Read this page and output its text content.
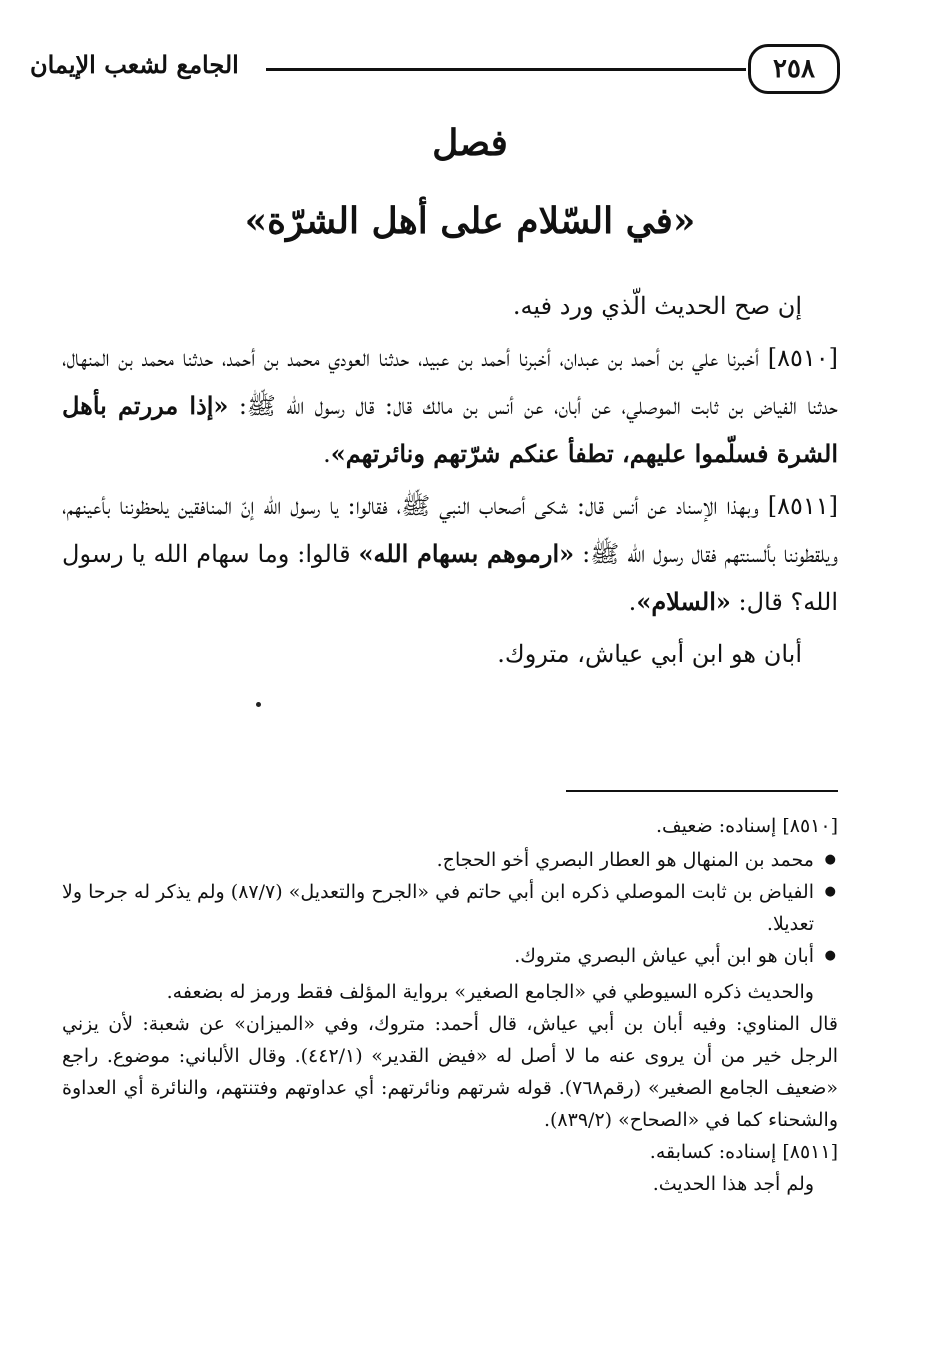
٢٥٨
الجامع لشعب الإيمان
فصل
«في السّلام على أهل الشرّة»

إن صح الحديث الّذي ورد فيه.

[٨٥١٠] أخبرنا علي بن أحمد بن عبدان، أخبرنا أحمد بن عبيد، حدثنا العودي محمد بن أحمد، حدثنا محمد بن المنهال، حدثنا الفياض بن ثابت الموصلي، عن أبان، عن أنس بن مالك قال: قال رسول الله ﷺ: «إذا مررتم بأهل الشرة فسلّموا عليهم، تطفأ عنكم شرّتهم ونائرتهم».

[٨٥١١] وبهذا الإسناد عن أنس قال: شكى أصحاب النبي ﷺ، فقالوا: يا رسول الله إنّ المنافقين يلحظوننا بأعينهم، ويلقطوننا بألسنتهم فقال رسول الله ﷺ: «ارموهم بسهام الله» قالوا: وما سهام الله يا رسول الله؟ قال: «السلام».

أبان هو ابن أبي عياش، متروك.

[٨٥١٠] إسناده: ضعيف.

● محمد بن المنهال هو العطار البصري أخو الحجاج.
● الفياض بن ثابت الموصلي ذكره ابن أبي حاتم في «الجرح والتعديل» (٨٧/٧) ولم يذكر له جرحا ولا تعديلا.
● أبان هو ابن أبي عياش البصري متروك.

والحديث ذكره السيوطي في «الجامع الصغير» برواية المؤلف فقط ورمز له بضعفه.

قال المناوي: وفيه أبان بن أبي عياش، قال أحمد: متروك، وفي «الميزان» عن شعبة: لأن يزني الرجل خير من أن يروى عنه ما لا أصل له «فيض القدير» (٤٤٢/١). وقال الألباني: موضوع. راجع «ضعيف الجامع الصغير» (رقم٧٦٨). قوله شرتهم ونائرتهم: أي عداوتهم وفتنتهم، والنائرة أي العداوة والشحناء كما في «الصحاح» (٨٣٩/٢).

[٨٥١١] إسناده: كسابقه.

ولم أجد هذا الحديث.
